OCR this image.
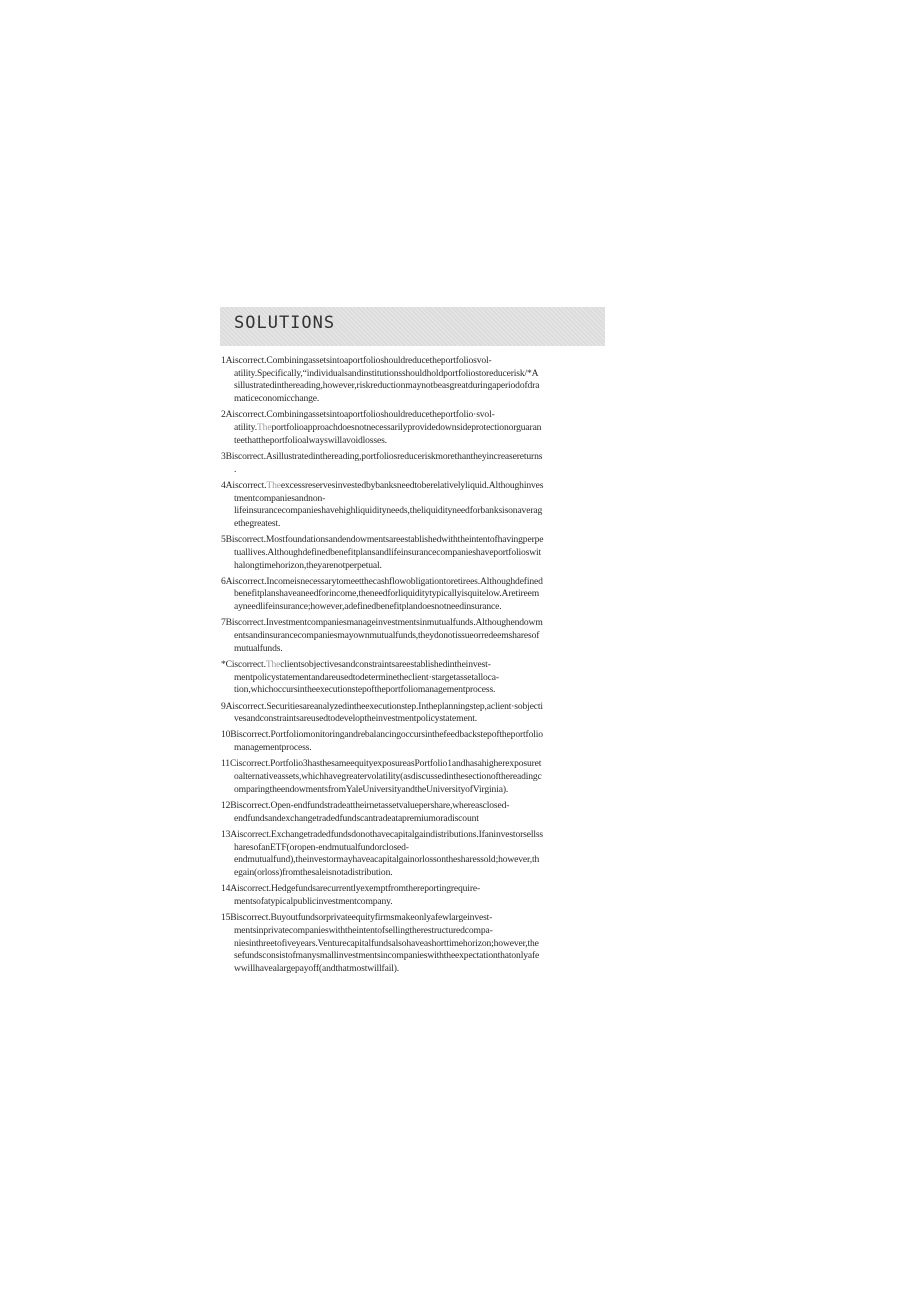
SOLUTIONS
1Aiscorrect.Combiningassetsintoaportfolioshouldreducetheportfoliosvol-
atility.Specifically,“individualsandinstitutionsshouldholdportfoliostoreducerisk/*A
sillustratedinthereading,however,riskreductionmaynotbeasgreatduringaperiodofdra
maticeconomicchange.
2Aiscorrect.Combiningassetsintoaportfolioshouldreducetheportfolio·svol-
atility.Theportfolioapproachdoesnotnecessarilyprovidedownsideprotectionorguaran
teethattheportfolioalwayswillavoidlosses.
3Biscorrect.Asillustratedinthereading,portfoliosreduceriskmorethantheyincreasereturns
.
4Aiscorrect.Theexcessreservesinvestedbybanksneedtoberelativelyliquid.Althoughinves
tmentcompaniesandnon-
lifeinsurancecompanieshavehighliquidityneeds,theliquidityneedforbanksisonaverag
ethegreatest.
5Biscorrect.Mostfoundationsandendowmentsareestablishedwiththeintentofhavingperpe
tuallives.Althoughdefinedbenefitplansandlifeinsurancecompanieshaveportfolioswit
halongtimehorizon,theyarenotperpetual.
6Aiscorrect.Incomeisnecessarytomeetthecashflowobligationtoretirees.Althoughdefined
benefitplanshaveaneedforincome,theneedforliquiditytypicallyisquitelow.Aretireem
ayneedlifeinsurance;however,adefinedbenefitplandoesnotneedinsurance.
7Biscorrect.Investmentcompaniesmanageinvestmentsinmutualfunds.Althoughendowm
entsandinsurancecompaniesmayownmutualfunds,theydonotissueorredeemsharesof
mutualfunds.
*Ciscorrect.Theclientsobjectivesandconstraintsareestablishedintheinvest-
mentpolicystatementandareusedtodeterminetheclient·stargetassetalloca-
tion,whichoccursintheexecutionstepoftheportfoliomanagementprocess.
9Aiscorrect.Securitiesareanalyzedintheexecutionstep.Intheplanningstep,aclient·sobjecti
vesandconstraintsareusedtodeveloptheinvestmentpolicystatement.
10Biscorrect.Portfoliomonitoringandrebalancingoccursinthefeedbackstepoftheportfolio
managementprocess.
11Ciscorrect.Portfolio3hasthesameequityexposureasPortfolio1andhasahigherexposuret
oalternativeassets,whichhavegreatervolatility(asdiscussedinthesectionofthereadingc
omparingtheendowmentsfromYaleUniversityandtheUniversityofVirginia).
12Biscorrect.Open-endfundstradeattheirnetassetvaluepershare,whereasclosed-
endfundsandexchangetradedfundscantradeatapremiumoradiscount
13Aiscorrect.Exchangetradedfundsdonothavecapitalgaindistributions.Ifaninvestorsellss
haresofanETF(oropen-endmutualfundorclosed-
endmutualfund),theinvestormayhaveacapitalgainorlossonthesharessold;however,th
egain(orloss)fromthesaleisnotadistribution.
14Aiscorrect.Hedgefundsarecurrentlyexemptfromthereportingrequire-
mentsofatypicalpublicinvestmentcompany.
15Biscorrect.Buyoutfundsorprivateequityfirmsmakeonlyafewlargeinvest-
mentsinprivatecompanieswiththeintentofsellingtherestructuredcompa-
niesinthreetofiveyears.Venturecapitalfundsalsohaveashorttimehorizon;however,the
sefundsconsistofmanysmallinvestmentsincompanieswiththeexpectationthatonlyafe
wwillhavealargepayoff(andthatmostwillfail).
